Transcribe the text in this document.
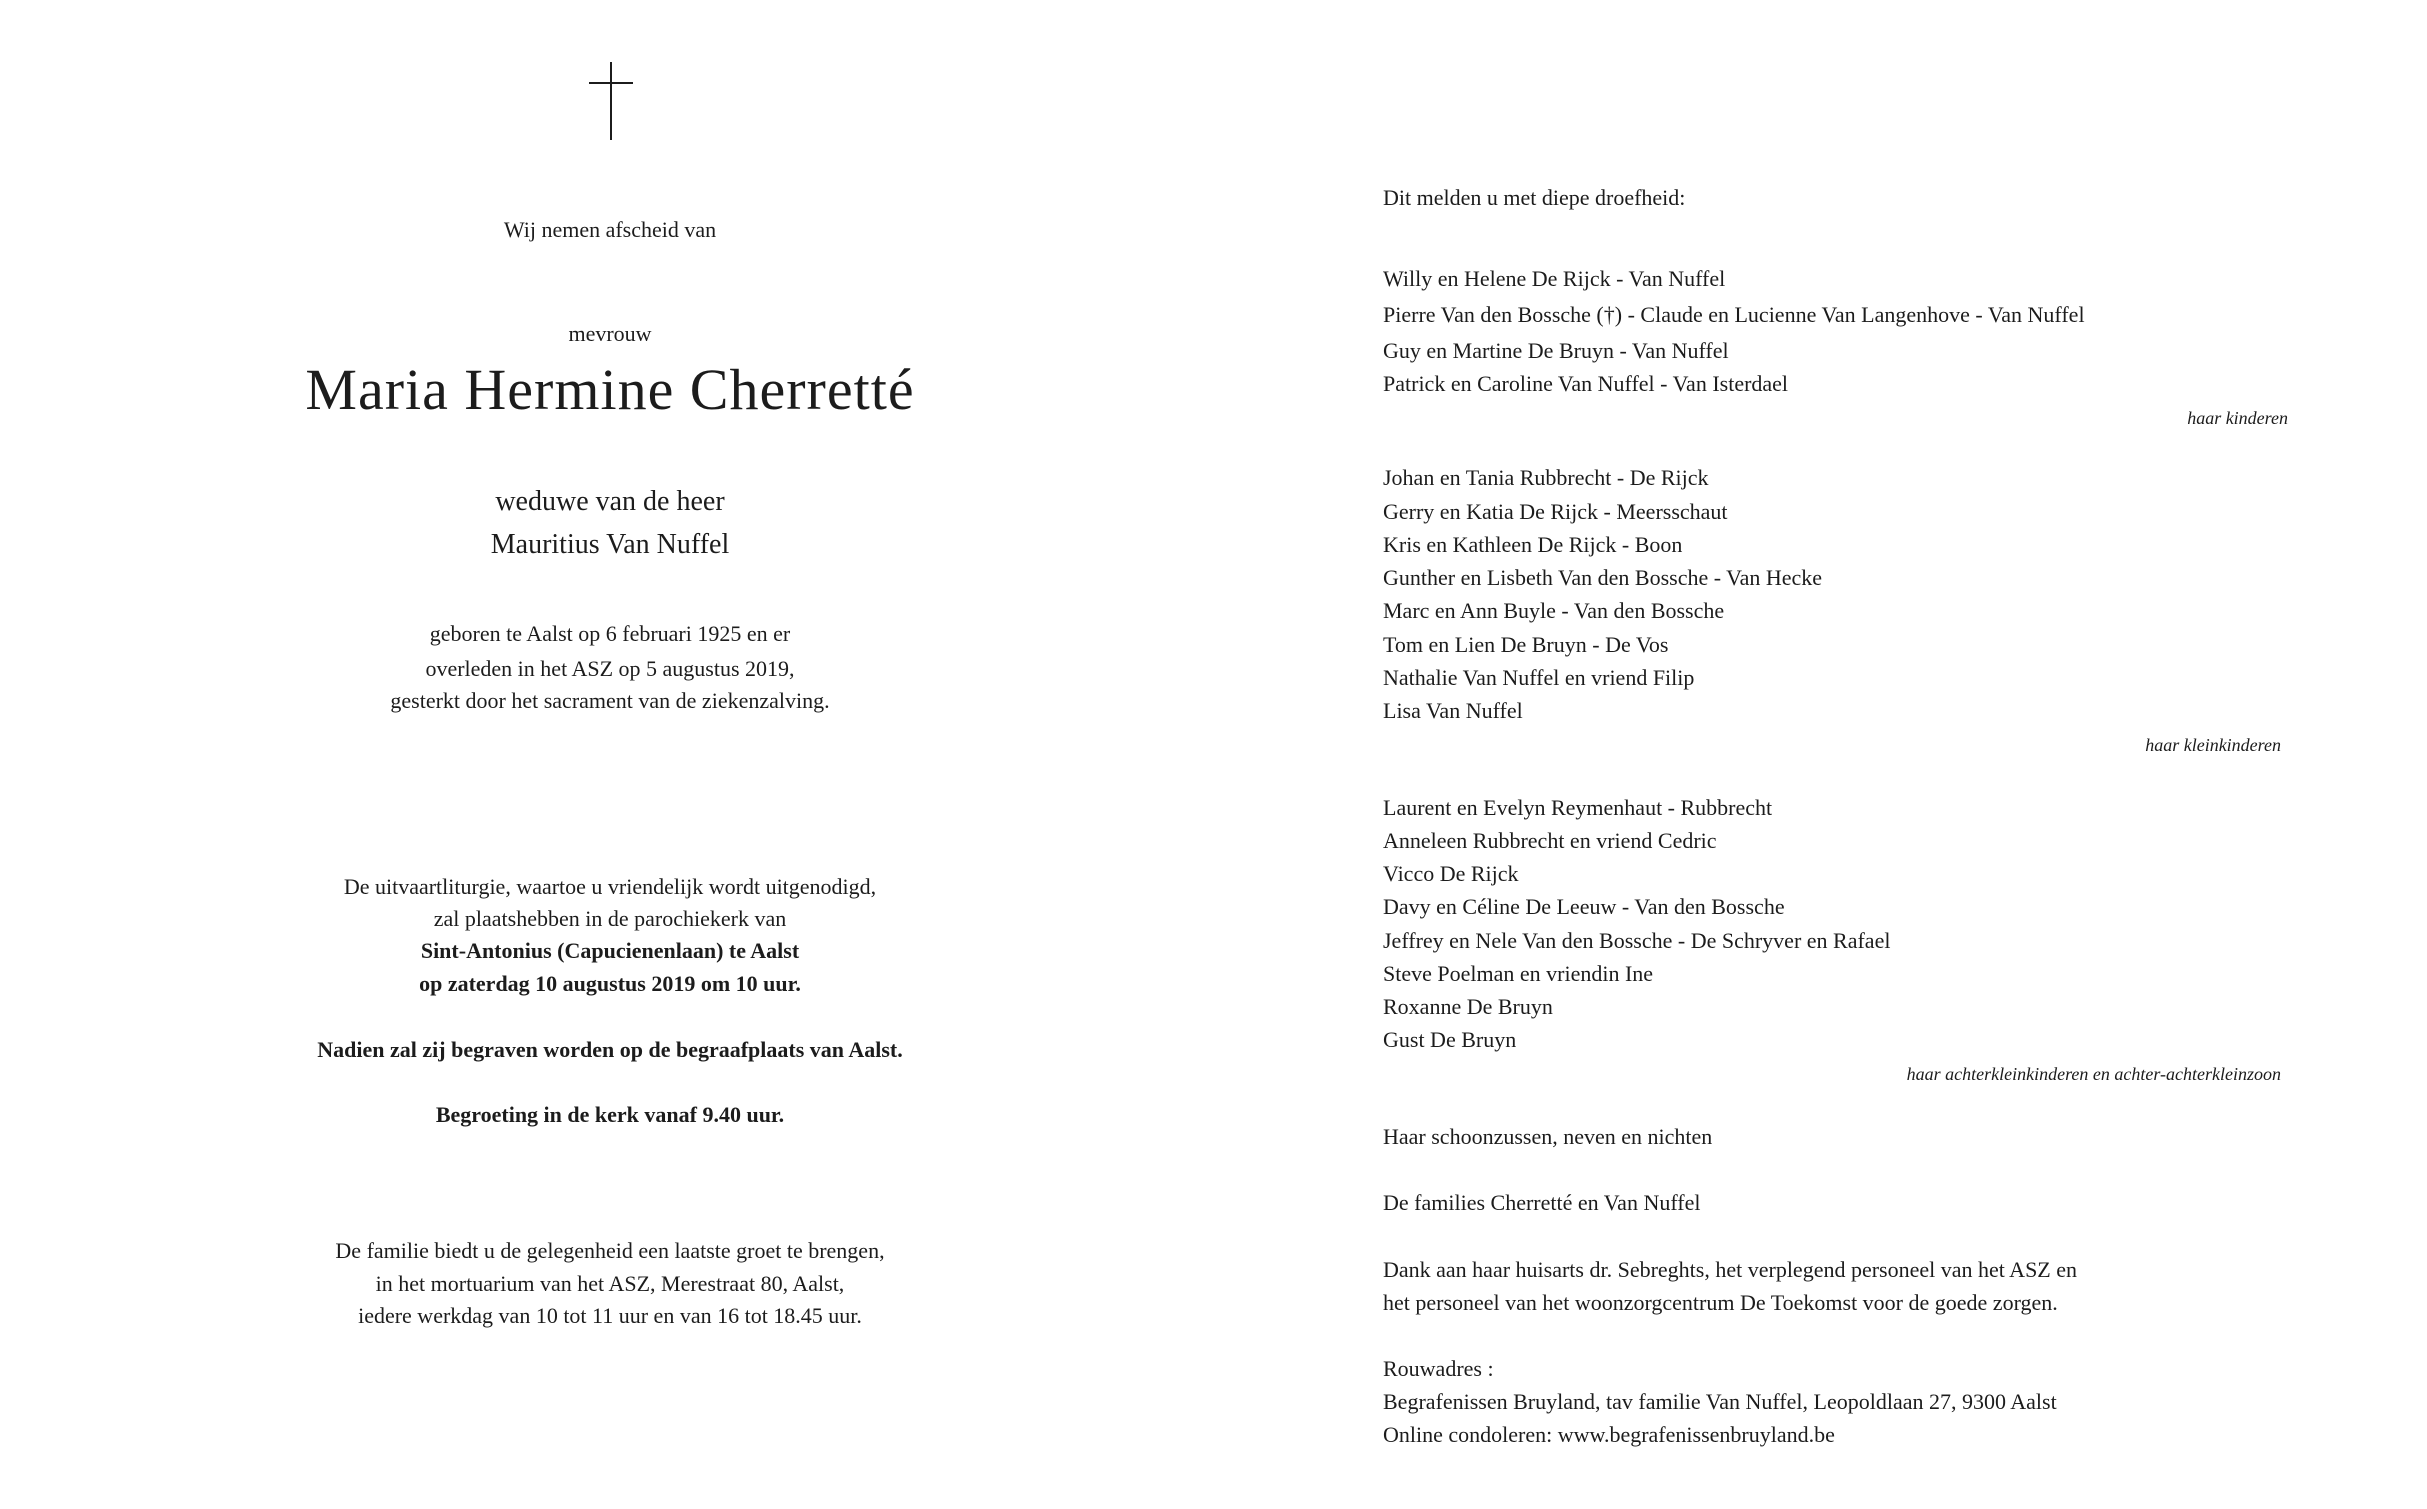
Wij nemen afscheid van
mevrouw
Maria Hermine Cherretté
weduwe van de heer
Mauritius Van Nuffel
geboren te Aalst op 6 februari 1925 en er
overleden in het ASZ op 5 augustus 2019,
gesterkt door het sacrament van de ziekenzalving.
De uitvaartliturgie, waartoe u vriendelijk wordt uitgenodigd,
zal plaatshebben in de parochiekerk van
Sint-Antonius (Capucienenlaan) te Aalst
op zaterdag 10 augustus 2019 om 10 uur.
Nadien zal zij begraven worden op de begraafplaats van Aalst.
Begroeting in de kerk vanaf 9.40 uur.
De familie biedt u de gelegenheid een laatste groet te brengen,
in het mortuarium van het ASZ, Merestraat 80, Aalst,
iedere werkdag van 10 tot 11 uur en van 16 tot 18.45 uur.
Dit melden u met diepe droefheid:
Willy en Helene De Rijck - Van Nuffel
Pierre Van den Bossche (†) - Claude en Lucienne Van Langenhove - Van Nuffel
Guy en Martine De Bruyn - Van Nuffel
Patrick en Caroline Van Nuffel - Van Isterdael
haar kinderen
Johan en Tania Rubbrecht - De Rijck
Gerry en Katia De Rijck - Meersschaut
Kris en Kathleen De Rijck - Boon
Gunther en Lisbeth Van den Bossche - Van Hecke
Marc en Ann Buyle - Van den Bossche
Tom en Lien De Bruyn - De Vos
Nathalie Van Nuffel en vriend Filip
Lisa Van Nuffel
haar kleinkinderen
Laurent en Evelyn Reymenhaut - Rubbrecht
Anneleen Rubbrecht en vriend Cedric
Vicco De Rijck
Davy en Céline De Leeuw - Van den Bossche
Jeffrey en Nele Van den Bossche - De Schryver en Rafael
Steve Poelman en vriendin Ine
Roxanne De Bruyn
Gust De Bruyn
haar achterkleinkinderen en achter-achterkleinzoon
Haar schoonzussen, neven en nichten
De families Cherretté en Van Nuffel
Dank aan haar huisarts dr. Sebreghts, het verplegend personeel van het ASZ en
het personeel van het woonzorgcentrum De Toekomst voor de goede zorgen.
Rouwadres :
Begrafenissen Bruyland, tav familie Van Nuffel, Leopoldlaan 27, 9300 Aalst
Online condoleren: www.begrafenissenbruyland.be
